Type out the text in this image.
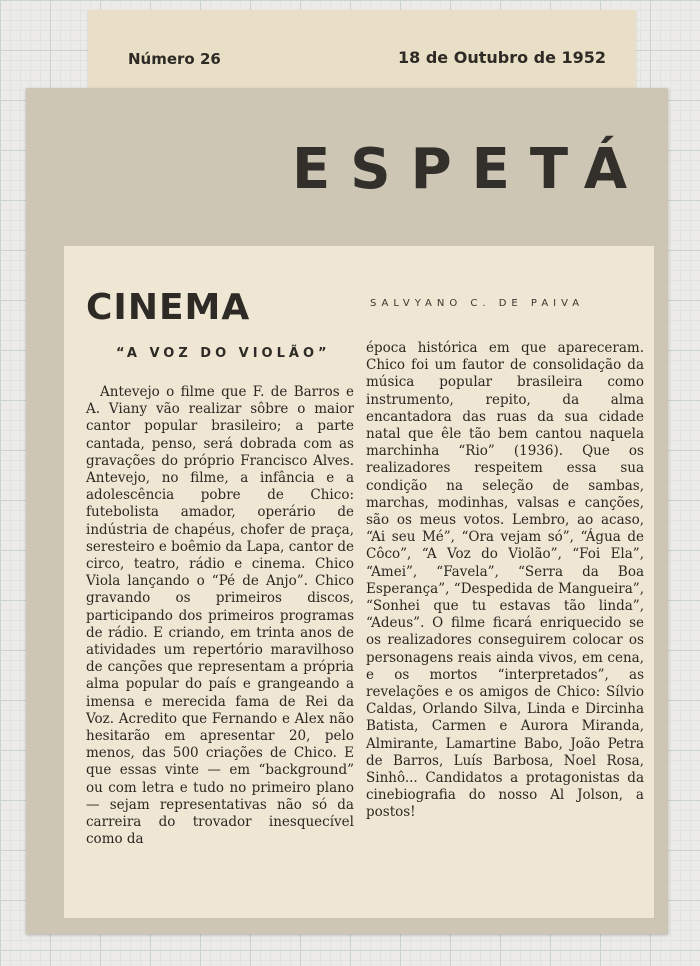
Número 26	18 de Outubro de 1952
ESPETÁ
CINEMA	SALVYANO C. DE PAIVA
“A VOZ DO VIOLÃO”
Antevejo o filme que F. de Barros e A. Viany vão realizar sôbre o maior cantor popular brasileiro; a parte cantada, penso, será dobrada com as gravações do próprio Francisco Alves. Antevejo, no filme, a infância e a adolescência pobre de Chico: futebolista amador, operário de indústria de chapéus, chofer de praça, seresteiro e boêmio da Lapa, cantor de circo, teatro, rádio e cinema. Chico Viola lançando o “Pé de Anjo”. Chico gravando os primeiros discos, participando dos primeiros programas de rádio. E criando, em trinta anos de atividades um repertório maravilhoso de canções que representam a própria alma popular do país e grangeando a imensa e merecida fama de Rei da Voz. Acredito que Fernando e Alex não hesitarão em apresentar 20, pelo menos, das 500 criações de Chico. E que essas vinte — em “background” ou com letra e tudo no primeiro plano — sejam representativas não só da carreira do trovador inesquecível como da
época histórica em que apareceram. Chico foi um fautor de consolidação da música popular brasileira como instrumento, repito, da alma encantadora das ruas da sua cidade natal que êle tão bem cantou naquela marchinha “Rio” (1936). Que os realizadores respeitem essa sua condição na seleção de sambas, marchas, modinhas, valsas e canções, são os meus votos. Lembro, ao acaso, “Ai seu Mé”, “Ora vejam só”, “Água de Côco”, “A Voz do Violão”, “Foi Ela”, “Amei”, “Favela”, “Serra da Boa Esperança”, “Despedida de Mangueira”, “Sonhei que tu estavas tão linda”, “Adeus”. O filme ficará enriquecido se os realizadores conseguirem colocar os personagens reais ainda vivos, em cena, e os mortos “interpretados”, as revelações e os amigos de Chico: Sílvio Caldas, Orlando Silva, Linda e Dircinha Batista, Carmen e Aurora Miranda, Almirante, Lamartine Babo, João Petra de Barros, Luís Barbosa, Noel Rosa, Sinhô... Candidatos a protagonistas da cinebiografia do nosso Al Jolson, a postos!
